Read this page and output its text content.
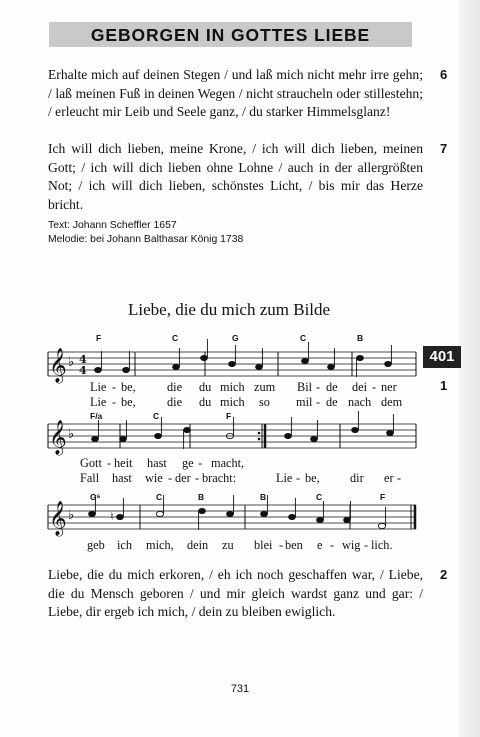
GEBORGEN IN GOTTES LIEBE
Erhalte mich auf deinen Stegen / und laß mich nicht mehr irre gehn; / laß meinen Fuß in deinen Wegen / nicht straucheln oder stillestehn; / erleucht mir Leib und Seele ganz, / du starker Himmelsglanz!
6
Ich will dich lieben, meine Krone, / ich will dich lieben, meinen Gott; / ich will dich lieben ohne Lohne / auch in der allergrößten Not; / ich will dich lieben, schönstes Licht, / bis mir das Herze bricht.
7
Text: Johann Scheffler 1657
Melodie: bei Johann Balthasar König 1738
Liebe, die du mich zum Bilde
401
1
𝄞
𝄞
𝄞
♭
♭
♭
4
4
♮
F	C	G	C	B
F/a	C	F
G⁶	C	B	B	C	F
Lie - be,	die du mich zum Bil - de dei - ner
Lie - be,	die du mich so mil - de nach dem
Gott - heit hast ge - macht,
Fall hast wie - der - bracht:	Lie - be, dir er -
geb ich mich, dein zu blei - ben e - wig - lich.
Liebe, die du mich erkoren, / eh ich noch geschaffen war, / Liebe, die du Mensch geboren / und mir gleich wardst ganz und gar: / Liebe, dir ergeb ich mich, / dein zu bleiben ewiglich.
2
731
